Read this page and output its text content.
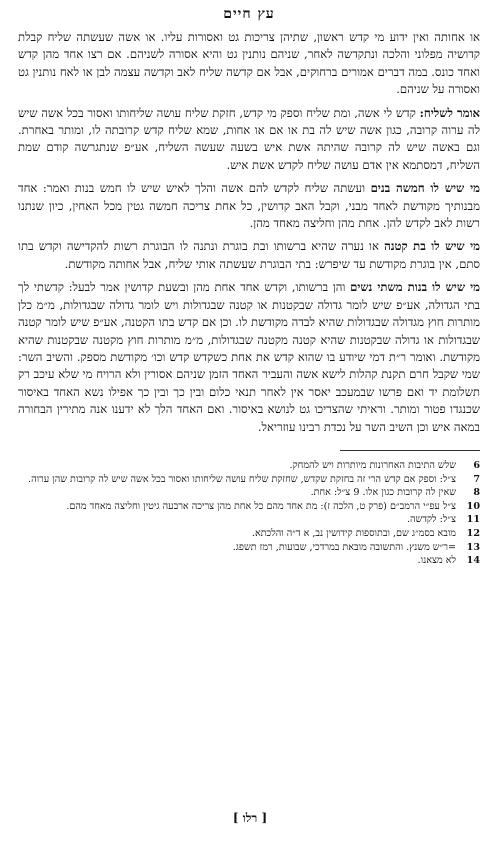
עץ חיים

או אחותה ואין ידוע מי קדש ראשון, שתיהן צריכות גט ואסורות עליו. או אשה שעשתה שליח קבלת קדושיה מפלוני והלכה ונתקדשה לאחר, שניהם נותנין גט והיא אסורה לשניהם. אם רצו אחד מהן קדש ואחד כונס. במה דברים אמורים ברחוקים, אבל אם קדשה שליח לאב וקדשה עצמה לבן או לאח נותנין גט ואסורה על שניהם.

אומר לשליח: קדש לי אשה, ומת שליח וספק מי קדש, חזקת שליח עושה שליחותו ואסור בכל אשה שיש לה ערוה קרובה, כגון אשה שיש לה בת או אם או אחות, שמא שליח קדש קרובתה לו, ומותר באחרת. וגם באשה שיש לה קרובה שהיתה אשת איש בשעה שעשה השליח, אע״פ שנתגרשה קודם שמת השליח, דמסתמא אין אדם עושה שליח לקדש אשת איש.

מי שיש לו חמשה בנים ועשתה שליח לקדש להם אשה והלך לאיש שיש לו חמש בנות ואמר: אחד מבנותיך מקודשת לאחד מבני, וקבל האב קדושין, כל אחת צריכה חמשה גטין מכל האחין, כיון שנתנו רשות לאב לקדש להן. אחת מהן וחליצה מאחד מהן.

מי שיש לו בת קטנה או נערה שהיא ברשותו ובת בוגרת ונתנה לו הבוגרת רשות להקדישה וקדש בתו סתם, אין בוגרת מקודשת עד שיפרש: בתי הבוגרת שעשתה אותי שליח, אבל אחותה מקודשת.

מי שיש לו בנות משתי נשים והן ברשותו, וקדש אחד אחת מהן ובשעת קדושין אמר לבעל: קדשתי לך בתי הגדולה, אע״פ שיש לומר גדולה שבקטנות או קטנה שבגדולות ויש לומר גדולה שבגדולות, מ״מ כלן מותרות חוץ מגדולה שבגדולות שהיא לבדה מקודשת לו. וכן אם קדש בתו הקטנה, אע״פ שיש לומר קטנה שבגדולות או גדולה שבקטנות שהיא קטנה מקטנה שבגדולות, מ״מ מותרות חוץ מקטנה שבקטנות שהיא מקודשת. ואומר ר״ת דמי שיודע בו שהוא קדש את אחת כשקדש קדש וכו׳ מקודשת מספק. והשיב השר: שמי שקבל חרם תקנת קהלות לישא אשה והעביר האחד הזמן שניהם אסורין ולא הרויח מי שלא עיכב רק תשלומת יד ואם פרשו שבמעכב יאסר אין לאחר תנאי כלום ובין כך ובין כך אפילו נשא האחד באיסור שכנגדו פטור ומותר. וראיתי שהצריכו גט לנושא באיסור. ואם האחד הלך לא ידענו אנה מתירין הבחורה במאה איש וכן השיב השר על נכדת רבינו עוזריאל.

6
שלש התיבות האחרונות מיותרות ויש להמחק.
7
צ״ל: וספק אם קדש הרי זה בחזקת שקדש, שחזקת שליח עושה שליחותו ואסור בכל אשה שיש לה קרובות שהן ערוה.
8
שאין לה קרובות כגון אלו. 9 צ״ל: אחת.
10
צ״ל עפ״י הרמב״ם (פרק ט, הלכה ז): מת אחד מהם כל אחת מהן צריכה ארבעה גיטין וחליצה מאחד מהם.
11
צ״ל: לקדשה.
12
מובא בסמ״ג שם, ובתוספות קידושין נב, א ד״ה והלכתא.
13
=ר״ש משנץ. והתשובה מובאת במרדכי, שבועות, רמז תשפג.
14
לא מצאנו.
[ רלו ]
